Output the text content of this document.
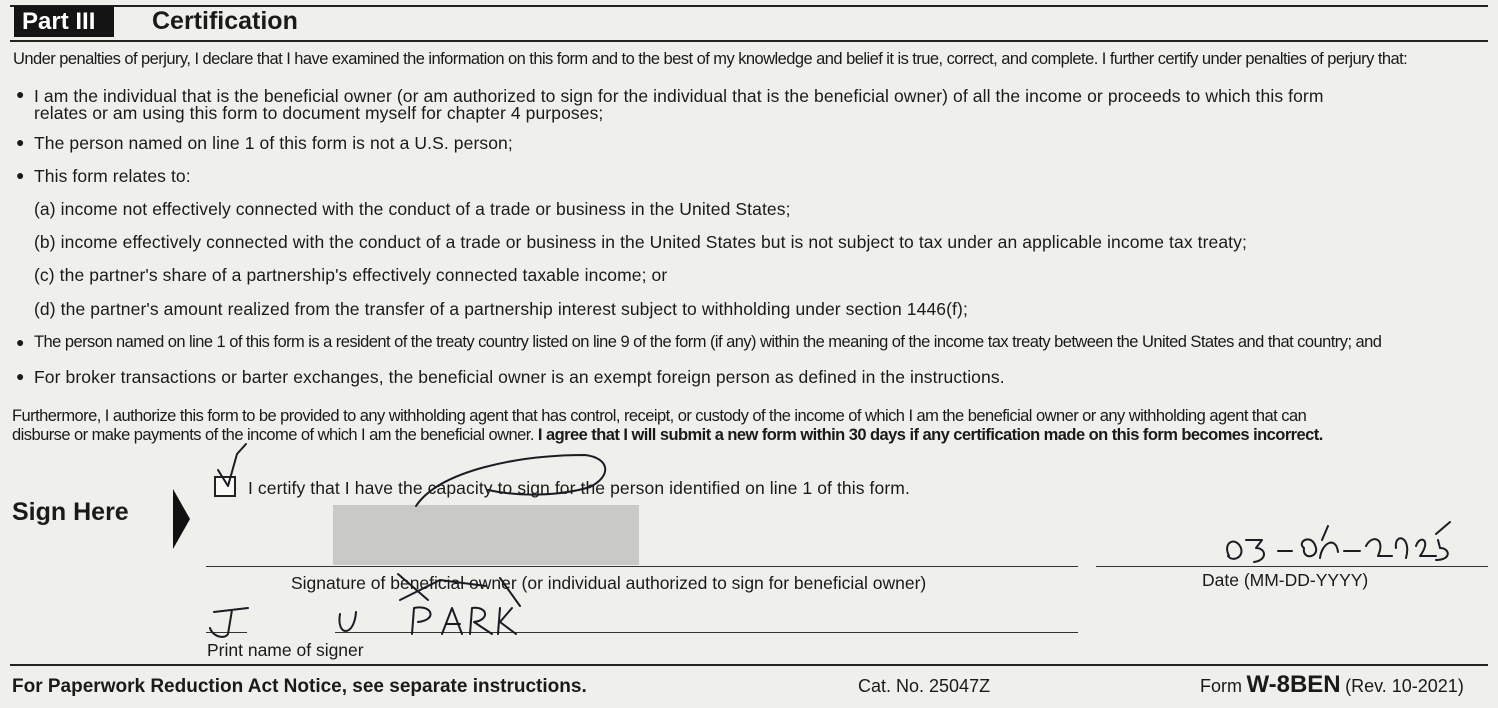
Part III	Certification
Under penalties of perjury, I declare that I have examined the information on this form and to the best of my knowledge and belief it is true, correct, and complete. I further certify under penalties of perjury that:
● I am the individual that is the beneficial owner (or am authorized to sign for the individual that is the beneficial owner) of all the income or proceeds to which this form
relates or am using this form to document myself for chapter 4 purposes;
● The person named on line 1 of this form is not a U.S. person;
● This form relates to:
(a) income not effectively connected with the conduct of a trade or business in the United States;
(b) income effectively connected with the conduct of a trade or business in the United States but is not subject to tax under an applicable income tax treaty;
(c) the partner's share of a partnership's effectively connected taxable income; or
(d) the partner's amount realized from the transfer of a partnership interest subject to withholding under section 1446(f);
● The person named on line 1 of this form is a resident of the treaty country listed on line 9 of the form (if any) within the meaning of the income tax treaty between the United States and that country; and
● For broker transactions or barter exchanges, the beneficial owner is an exempt foreign person as defined in the instructions.
Furthermore, I authorize this form to be provided to any withholding agent that has control, receipt, or custody of the income of which I am the beneficial owner or any withholding agent that can
disburse or make payments of the income of which I am the beneficial owner. I agree that I will submit a new form within 30 days if any certification made on this form becomes incorrect.
I certify that I have the capacity to sign for the person identified on line 1 of this form.
Sign Here
Signature of beneficial owner (or individual authorized to sign for beneficial owner)	Date (MM-DD-YYYY)
Print name of signer
For Paperwork Reduction Act Notice, see separate instructions.	Cat. No. 25047Z	Form W-8BEN (Rev. 10-2021)
